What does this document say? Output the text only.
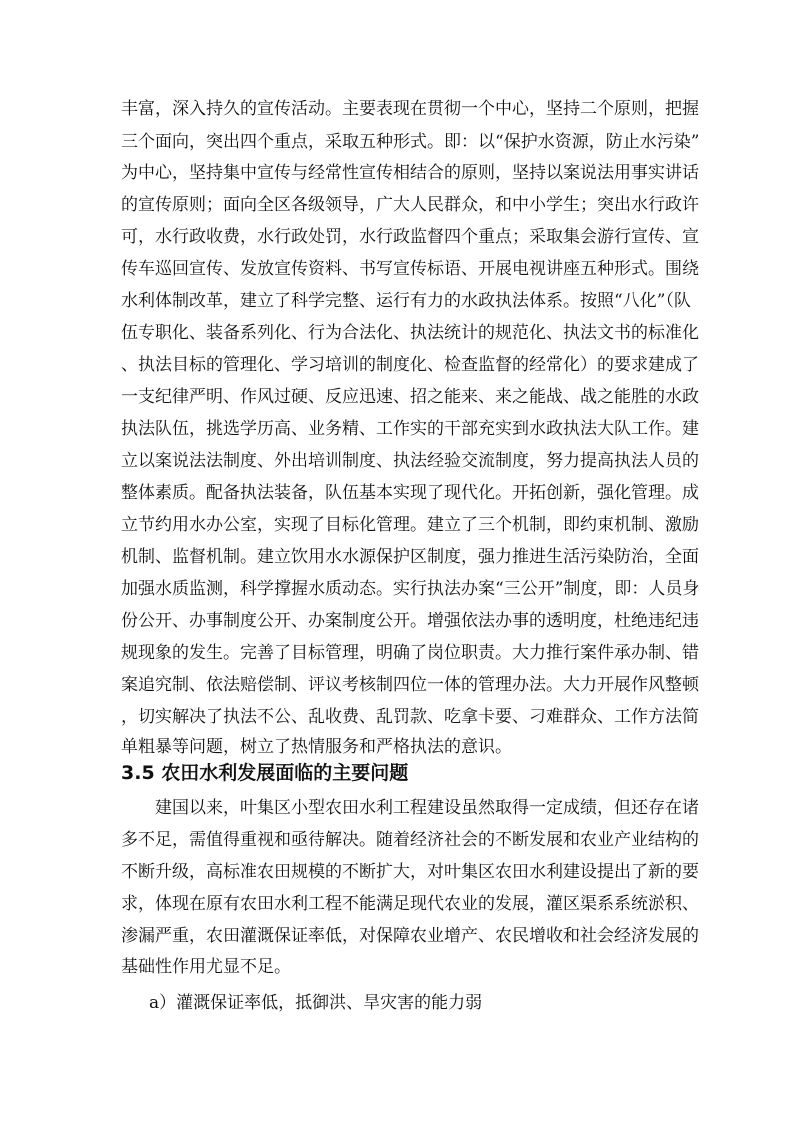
丰富，深入持久的宣传活动。主要表现在贯彻一个中心，坚持二个原则，把握
三个面向，突出四个重点，采取五种形式。即：以“保护水资源，防止水污染”
为中心，坚持集中宣传与经常性宣传相结合的原则，坚持以案说法用事实讲话
的宣传原则；面向全区各级领导，广大人民群众，和中小学生；突出水行政许
可，水行政收费，水行政处罚，水行政监督四个重点；采取集会游行宣传、宣
传车巡回宣传、发放宣传资料、书写宣传标语、开展电视讲座五种形式。围绕
水利体制改革，建立了科学完整、运行有力的水政执法体系。按照“八化”（队
伍专职化、装备系列化、行为合法化、执法统计的规范化、执法文书的标准化
、执法目标的管理化、学习培训的制度化、检查监督的经常化）的要求建成了
一支纪律严明、作风过硬、反应迅速、招之能来、来之能战、战之能胜的水政
执法队伍，挑选学历高、业务精、工作实的干部充实到水政执法大队工作。建
立以案说法法制度、外出培训制度、执法经验交流制度，努力提高执法人员的
整体素质。配备执法装备，队伍基本实现了现代化。开拓创新，强化管理。成
立节约用水办公室，实现了目标化管理。建立了三个机制，即约束机制、激励
机制、监督机制。建立饮用水水源保护区制度，强力推进生活污染防治，全面
加强水质监测，科学撑握水质动态。实行执法办案“三公开”制度，即：人员身
份公开、办事制度公开、办案制度公开。增强依法办事的透明度，杜绝违纪违
规现象的发生。完善了目标管理，明确了岗位职责。大力推行案件承办制、错
案追究制、依法赔偿制、评议考核制四位一体的管理办法。大力开展作风整顿
，切实解决了执法不公、乱收费、乱罚款、吃拿卡要、刁难群众、工作方法简
单粗暴等问题，树立了热情服务和严格执法的意识。
3.5 农田水利发展面临的主要问题
建国以来，叶集区小型农田水利工程建设虽然取得一定成绩，但还存在诸
多不足，需值得重视和亟待解决。随着经济社会的不断发展和农业产业结构的
不断升级，高标准农田规模的不断扩大，对叶集区农田水利建设提出了新的要
求，体现在原有农田水利工程不能满足现代农业的发展，灌区渠系系统淤积、
渗漏严重，农田灌溉保证率低，对保障农业增产、农民增收和社会经济发展的
基础性作用尤显不足。
a）灌溉保证率低，抵御洪、旱灾害的能力弱
